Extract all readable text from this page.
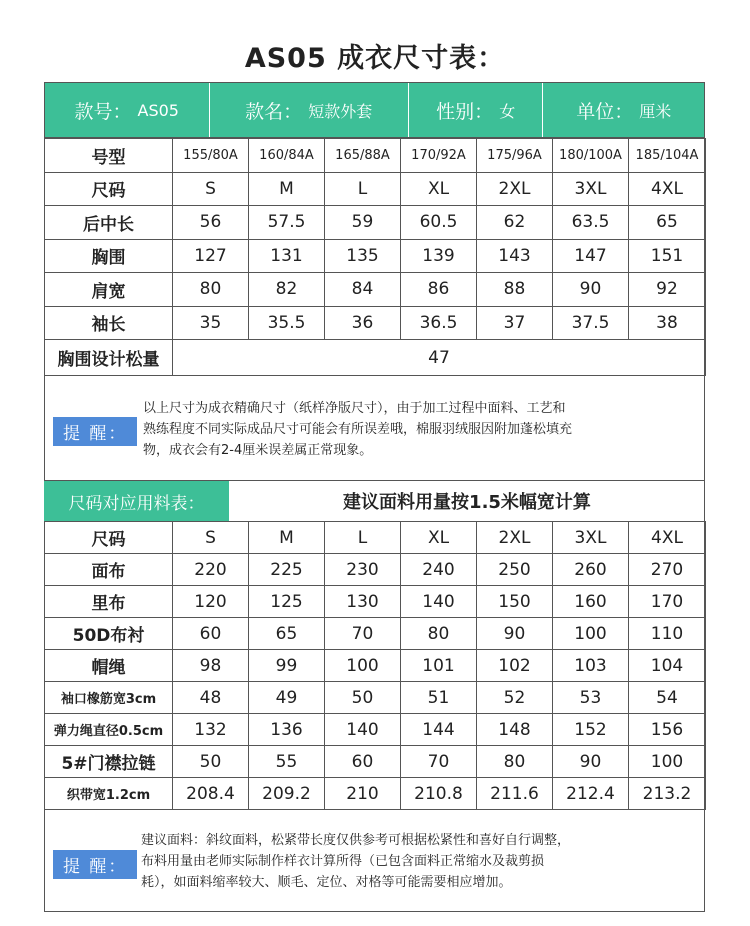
AS05 成衣尺寸表：
款号： AS05	款名： 短款外套	性别： 女	单位： 厘米
号型	155/80A	160/84A	165/88A	170/92A	175/96A	180/100A	185/104A
尺码	S	M	L	XL	2XL	3XL	4XL
后中长	56	57.5	59	60.5	62	63.5	65
胸围	127	131	135	139	143	147	151
肩宽	80	82	84	86	88	90	92
袖长	35	35.5	36	36.5	37	37.5	38
胸围设计松量	47						
提 醒：
以上尺寸为成衣精确尺寸（纸样净版尺寸），由于加工过程中面料、工艺和
熟练程度不同实际成品尺寸可能会有所误差哦，棉服羽绒服因附加蓬松填充
物，成衣会有2-4厘米误差属正常现象。
尺码对应用料表：	建议面料用量按1.5米幅宽计算
尺码	S	M	L	XL	2XL	3XL	4XL
面布	220	225	230	240	250	260	270
里布	120	125	130	140	150	160	170
50D布衬	60	65	70	80	90	100	110
帽绳	98	99	100	101	102	103	104
袖口橡筋宽3cm	48	49	50	51	52	53	54
弹力绳直径0.5cm	132	136	140	144	148	152	156
5#门襟拉链	50	55	60	70	80	90	100
织带宽1.2cm	208.4	209.2	210	210.8	211.6	212.4	213.2
提 醒：
建议面料：斜纹面料，松紧带长度仅供参考可根据松紧性和喜好自行调整，
布料用量由老师实际制作样衣计算所得（已包含面料正常缩水及裁剪损
耗），如面料缩率较大、顺毛、定位、对格等可能需要相应增加。
